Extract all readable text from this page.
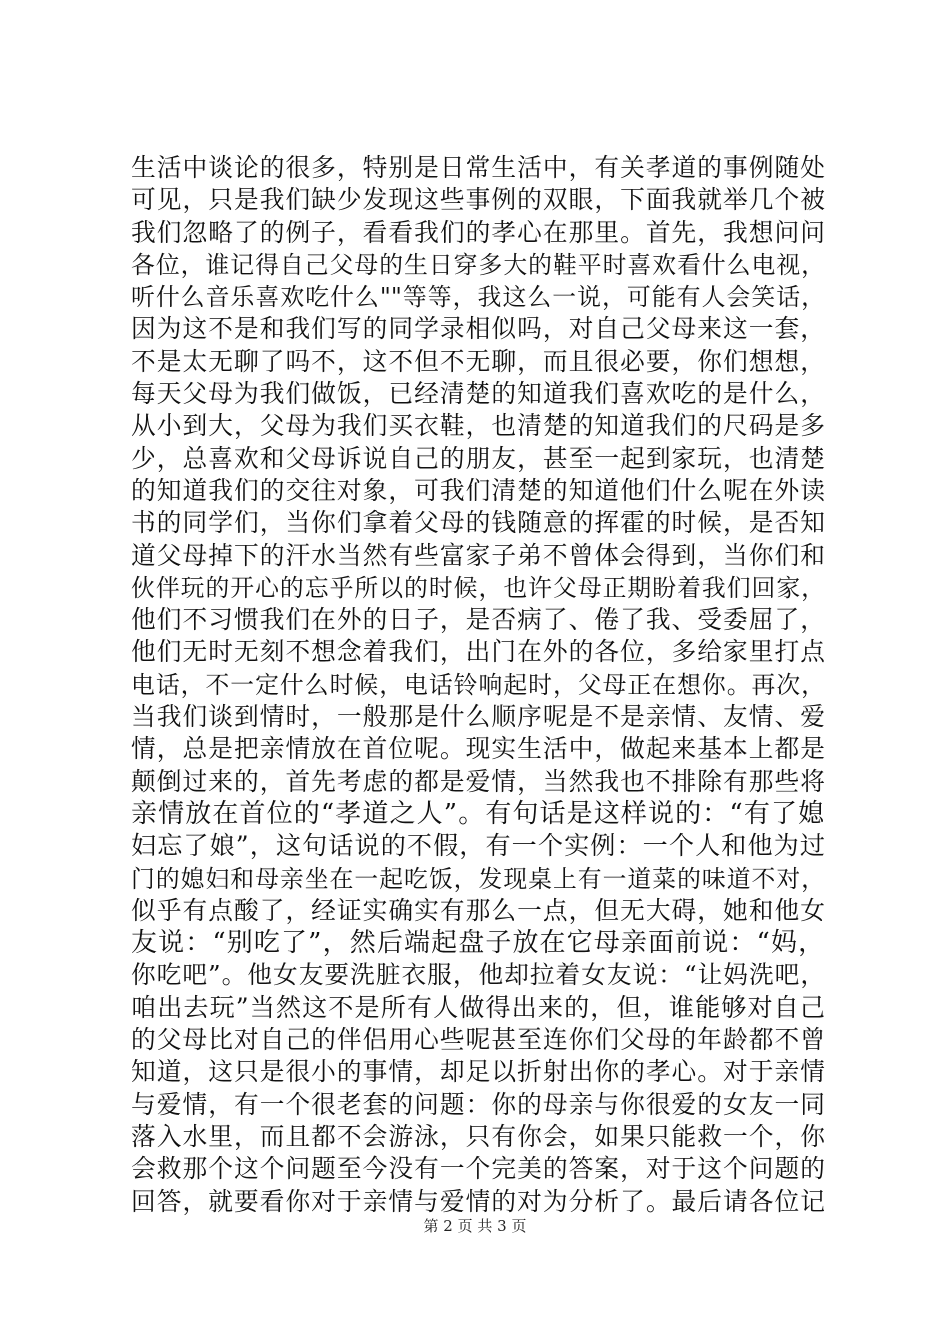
生活中谈论的很多，特别是日常生活中，有关孝道的事例随处
可见，只是我们缺少发现这些事例的双眼，下面我就举几个被
我们忽略了的例子，看看我们的孝心在那里。首先，我想问问
各位，谁记得自己父母的生日穿多大的鞋平时喜欢看什么电视，
听什么音乐喜欢吃什么""等等，我这么一说，可能有人会笑话，
因为这不是和我们写的同学录相似吗，对自己父母来这一套，
不是太无聊了吗不，这不但不无聊，而且很必要，你们想想，
每天父母为我们做饭，已经清楚的知道我们喜欢吃的是什么，
从小到大，父母为我们买衣鞋，也清楚的知道我们的尺码是多
少，总喜欢和父母诉说自己的朋友，甚至一起到家玩，也清楚
的知道我们的交往对象，可我们清楚的知道他们什么呢在外读
书的同学们，当你们拿着父母的钱随意的挥霍的时候，是否知
道父母掉下的汗水当然有些富家子弟不曾体会得到，当你们和
伙伴玩的开心的忘乎所以的时候，也许父母正期盼着我们回家，
他们不习惯我们在外的日子，是否病了、倦了我、受委屈了，
他们无时无刻不想念着我们，出门在外的各位，多给家里打点
电话，不一定什么时候，电话铃响起时，父母正在想你。再次，
当我们谈到情时，一般那是什么顺序呢是不是亲情、友情、爱
情，总是把亲情放在首位呢。现实生活中，做起来基本上都是
颠倒过来的，首先考虑的都是爱情，当然我也不排除有那些将
亲情放在首位的“孝道之人”。有句话是这样说的：“有了媳
妇忘了娘”，这句话说的不假，有一个实例：一个人和他为过
门的媳妇和母亲坐在一起吃饭，发现桌上有一道菜的味道不对，
似乎有点酸了，经证实确实有那么一点，但无大碍，她和他女
友说：“别吃了”，然后端起盘子放在它母亲面前说：“妈，
你吃吧”。他女友要洗脏衣服，他却拉着女友说：“让妈洗吧，
咱出去玩”当然这不是所有人做得出来的，但，谁能够对自己
的父母比对自己的伴侣用心些呢甚至连你们父母的年龄都不曾
知道，这只是很小的事情，却足以折射出你的孝心。对于亲情
与爱情，有一个很老套的问题：你的母亲与你很爱的女友一同
落入水里，而且都不会游泳，只有你会，如果只能救一个，你
会救那个这个问题至今没有一个完美的答案，对于这个问题的
回答，就要看你对于亲情与爱情的对为分析了。最后请各位记
第 2 页 共 3 页
